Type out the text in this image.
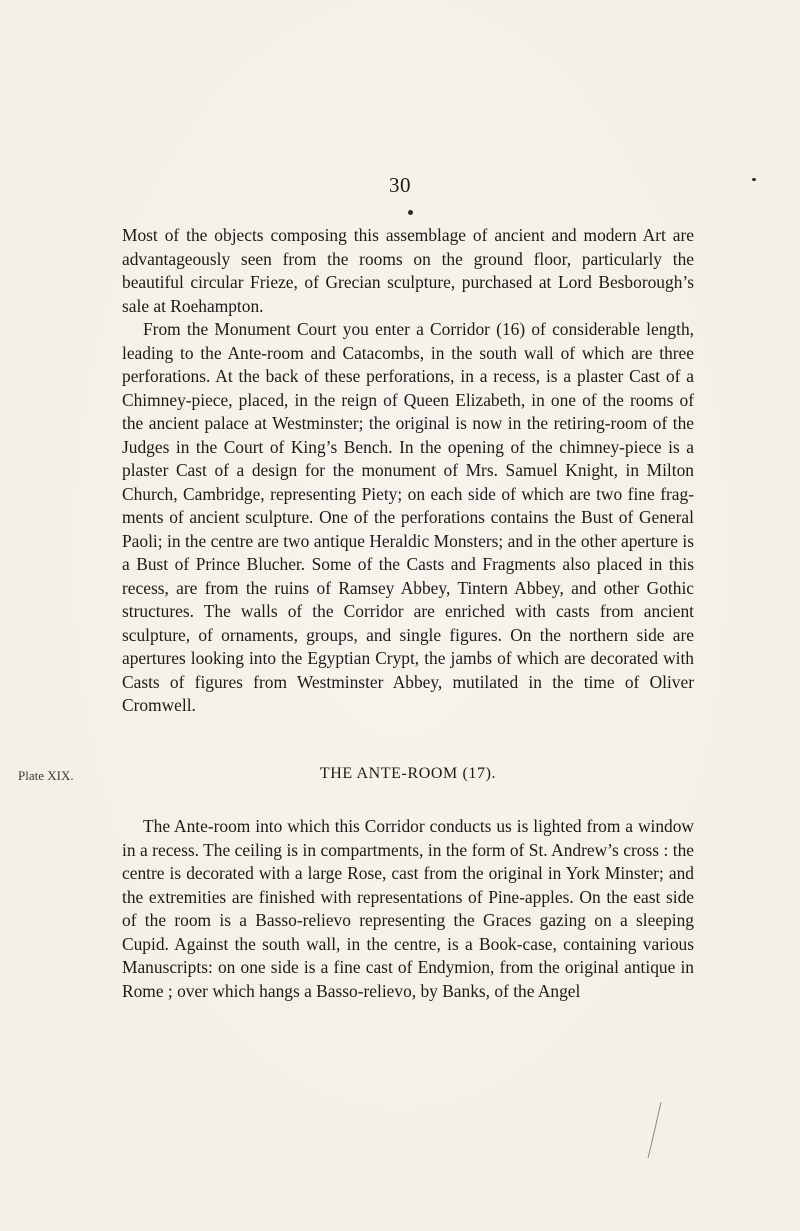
30

Most of the objects composing this assemblage of ancient and modern Art are advantageously seen from the rooms on the ground floor, particularly the beautiful circular Frieze, of Grecian sculpture, purchased at Lord Besborough’s sale at Roehampton.

From the Monument Court you enter a Corridor (16) of considerable length, leading to the Ante-room and Catacombs, in the south wall of which are three perforations. At the back of these perforations, in a recess, is a plaster Cast of a Chimney-piece, placed, in the reign of Queen Elizabeth, in one of the rooms of the ancient palace at Westminster; the original is now in the retiring-room of the Judges in the Court of King’s Bench. In the opening of the chimney-piece is a plaster Cast of a design for the monument of Mrs. Samuel Knight, in Milton Church, Cambridge, representing Piety; on each side of which are two fine fragments of ancient sculpture. One of the perforations contains the Bust of General Paoli; in the centre are two antique Heraldic Monsters; and in the other aperture is a Bust of Prince Blucher. Some of the Casts and Fragments also placed in this recess, are from the ruins of Ramsey Abbey, Tintern Abbey, and other Gothic structures. The walls of the Corridor are enriched with casts from ancient sculpture, of ornaments, groups, and single figures. On the northern side are apertures looking into the Egyptian Crypt, the jambs of which are decorated with Casts of figures from Westminster Abbey, mutilated in the time of Oliver Cromwell.

Plate XIX.	THE ANTE-ROOM (17).

The Ante-room into which this Corridor conducts us is lighted from a window in a recess. The ceiling is in compartments, in the form of St. Andrew’s cross : the centre is decorated with a large Rose, cast from the original in York Minster; and the extremities are finished with representations of Pine-apples. On the east side of the room is a Basso-relievo representing the Graces gazing on a sleeping Cupid. Against the south wall, in the centre, is a Book-case, containing various Manuscripts: on one side is a fine cast of Endymion, from the original antique in Rome ; over which hangs a Basso-relievo, by Banks, of the Angel
